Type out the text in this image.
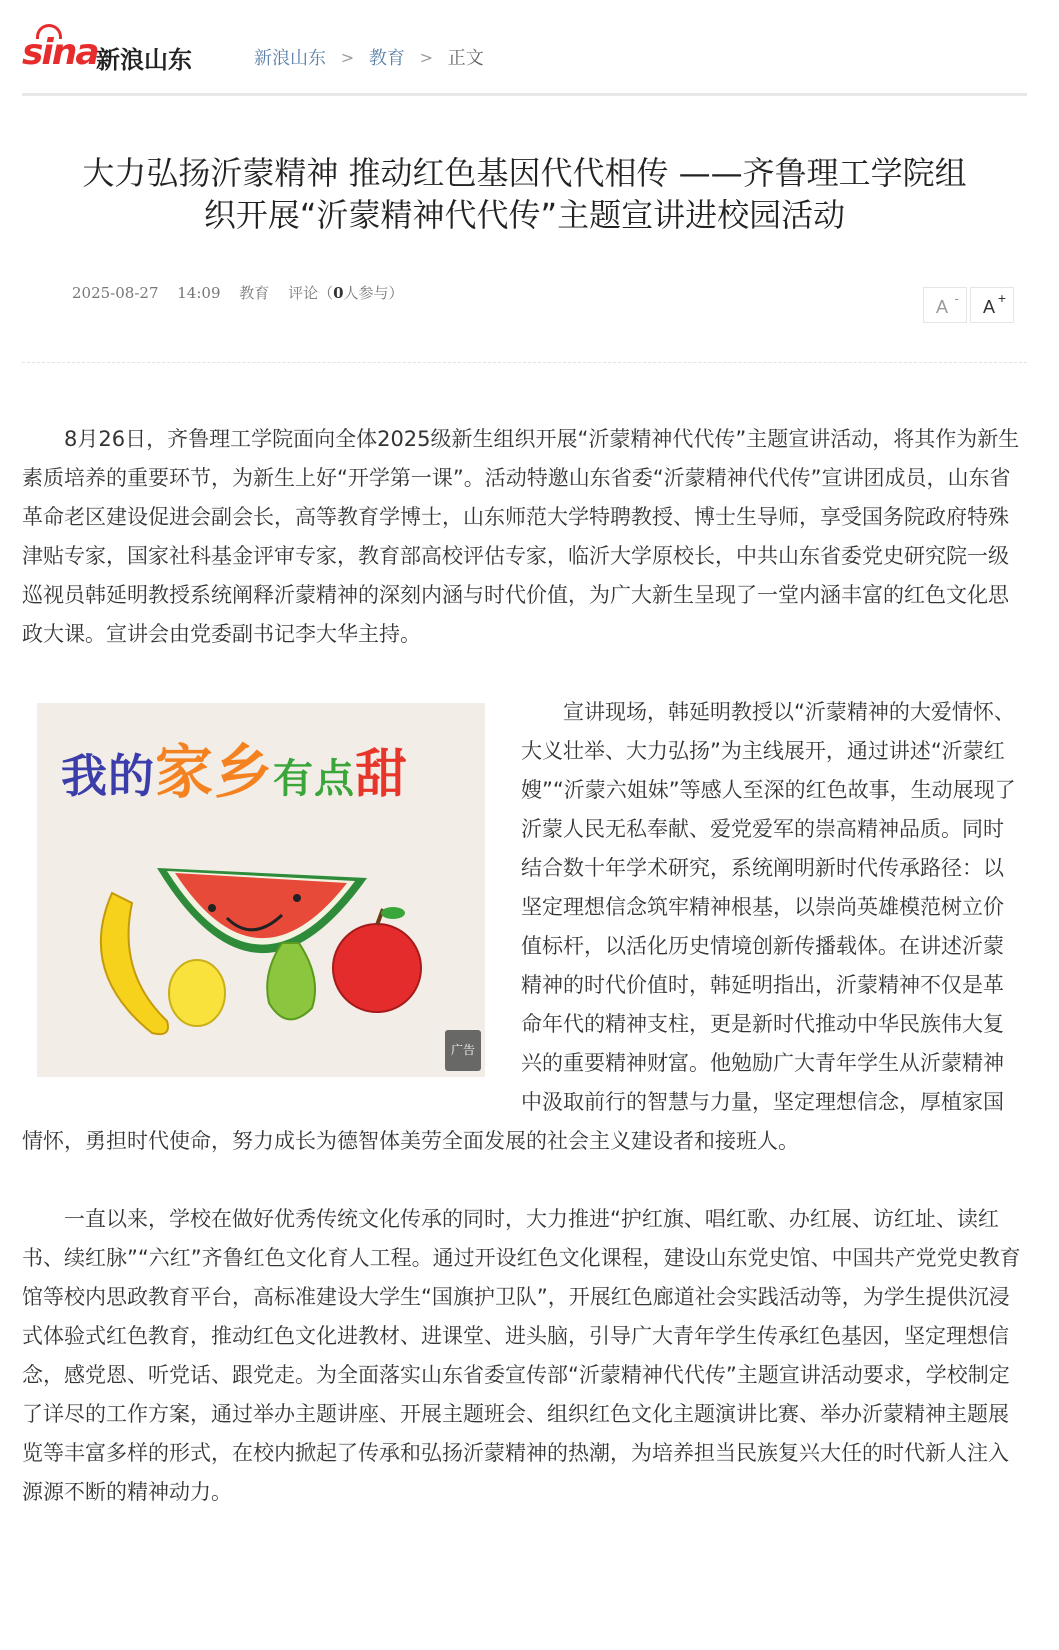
sina
新浪山东	新浪山东 > 教育 > 正文
大力弘扬沂蒙精神 推动红色基因代代相传 ——齐鲁理工学院组
织开展“沂蒙精神代代传”主题宣讲进校园活动
2025-08-27 14:09 教育 评论（0人参与）
A - A +

8月26日，齐鲁理工学院面向全体2025级新生组织开展“沂蒙精神代代传”主题宣讲活动，将其作为新生素质培养的重要环节，为新生上好“开学第一课”。活动特邀山东省委“沂蒙精神代代传”宣讲团成员，山东省革命老区建设促进会副会长，高等教育学博士，山东师范大学特聘教授、博士生导师，享受国务院政府特殊津贴专家，国家社科基金评审专家，教育部高校评估专家，临沂大学原校长，中共山东省委党史研究院一级巡视员韩延明教授系统阐释沂蒙精神的深刻内涵与时代价值，为广大新生呈现了一堂内涵丰富的红色文化思政大课。宣讲会由党委副书记李大华主持。

我的家乡有点甜
广告

宣讲现场，韩延明教授以“沂蒙精神的大爱情怀、大义壮举、大力弘扬”为主线展开，通过讲述“沂蒙红嫂”“沂蒙六姐妹”等感人至深的红色故事，生动展现了沂蒙人民无私奉献、爱党爱军的崇高精神品质。同时结合数十年学术研究，系统阐明新时代传承路径：以坚定理想信念筑牢精神根基，以崇尚英雄模范树立价值标杆，以活化历史情境创新传播载体。在讲述沂蒙精神的时代价值时，韩延明指出，沂蒙精神不仅是革命年代的精神支柱，更是新时代推动中华民族伟大复兴的重要精神财富。他勉励广大青年学生从沂蒙精神中汲取前行的智慧与力量，坚定理想信念，厚植家国情怀，勇担时代使命，努力成长为德智体美劳全面发展的社会主义建设者和接班人。

一直以来，学校在做好优秀传统文化传承的同时，大力推进“护红旗、唱红歌、办红展、访红址、读红书、续红脉”“六红”齐鲁红色文化育人工程。通过开设红色文化课程，建设山东党史馆、中国共产党党史教育馆等校内思政教育平台，高标准建设大学生“国旗护卫队”，开展红色廊道社会实践活动等，为学生提供沉浸式体验式红色教育，推动红色文化进教材、进课堂、进头脑，引导广大青年学生传承红色基因，坚定理想信念，感党恩、听党话、跟党走。为全面落实山东省委宣传部“沂蒙精神代代传”主题宣讲活动要求，学校制定了详尽的工作方案，通过举办主题讲座、开展主题班会、组织红色文化主题演讲比赛、举办沂蒙精神主题展览等丰富多样的形式，在校内掀起了传承和弘扬沂蒙精神的热潮，为培养担当民族复兴大任的时代新人注入源源不断的精神动力。
